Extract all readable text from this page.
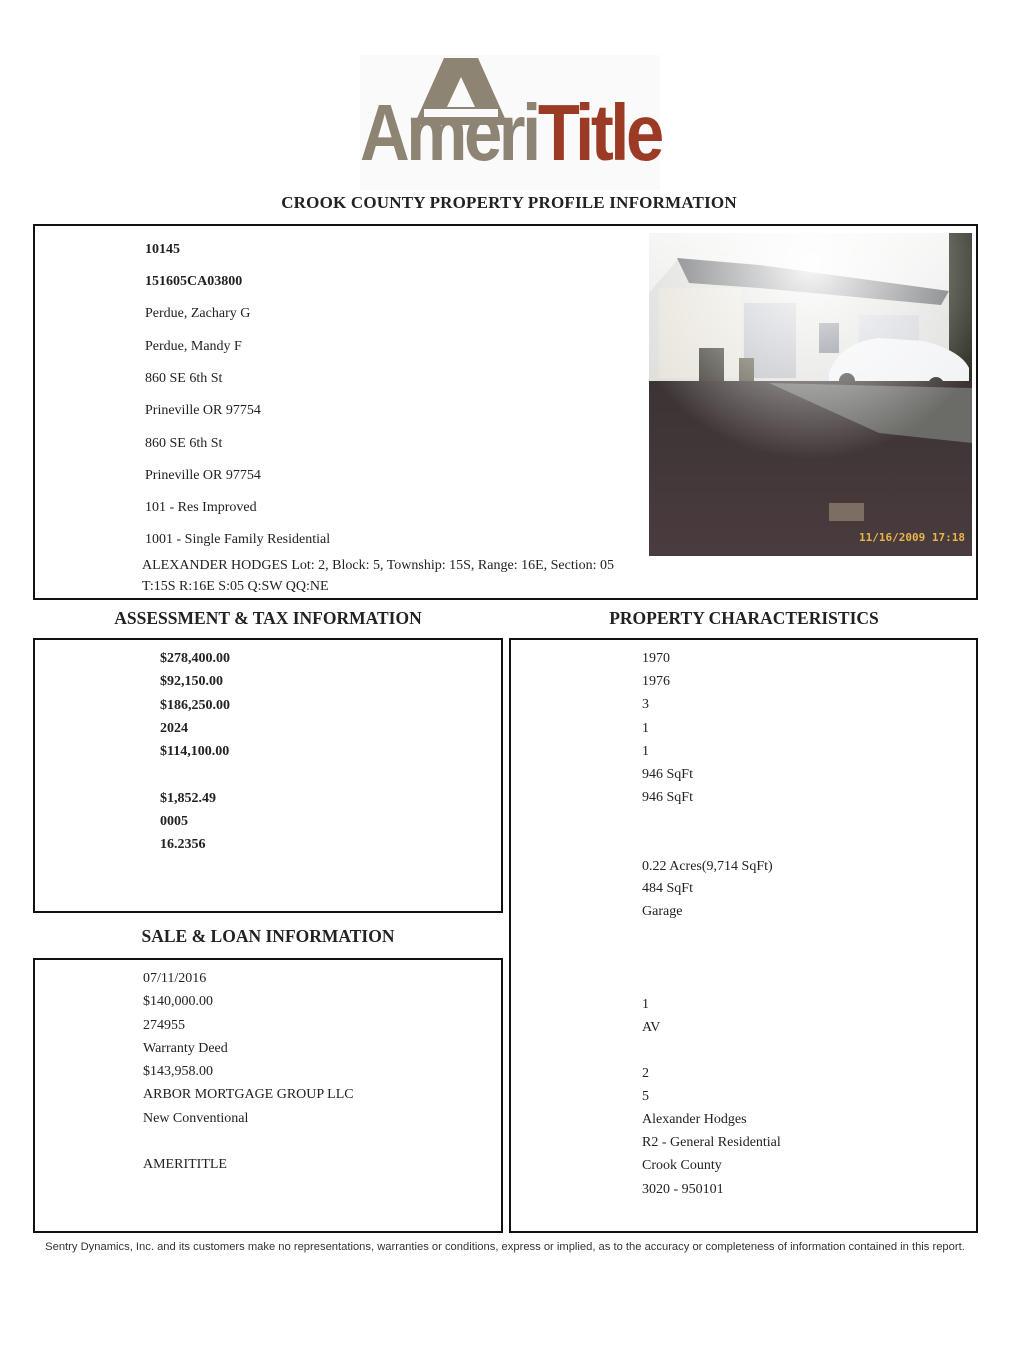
AmeriTitle
CROOK COUNTY PROPERTY PROFILE INFORMATION
10145
151605CA03800
Perdue, Zachary G
Perdue, Mandy F
860 SE 6th St
Prineville OR 97754
860 SE 6th St
Prineville OR 97754
101 - Res Improved
1001 - Single Family Residential
ALEXANDER HODGES Lot: 2, Block: 5, Township: 15S, Range: 16E, Section: 05
T:15S R:16E S:05 Q:SW QQ:NE
11/16/2009 17:18
ASSESSMENT & TAX INFORMATION
$278,400.00
$92,150.00
$186,250.00
2024
$114,100.00
$1,852.49
0005
16.2356
SALE & LOAN INFORMATION
07/11/2016
$140,000.00
274955
Warranty Deed
$143,958.00
ARBOR MORTGAGE GROUP LLC
New Conventional
AMERITITLE
PROPERTY CHARACTERISTICS
1970
1976
3
1
1
946 SqFt
946 SqFt
0.22 Acres(9,714 SqFt)
484 SqFt
Garage
1
AV
2
5
Alexander Hodges
R2 - General Residential
Crook County
3020 - 950101
Sentry Dynamics, Inc. and its customers make no representations, warranties or conditions, express or implied, as to the accuracy or completeness of information contained in this report.
